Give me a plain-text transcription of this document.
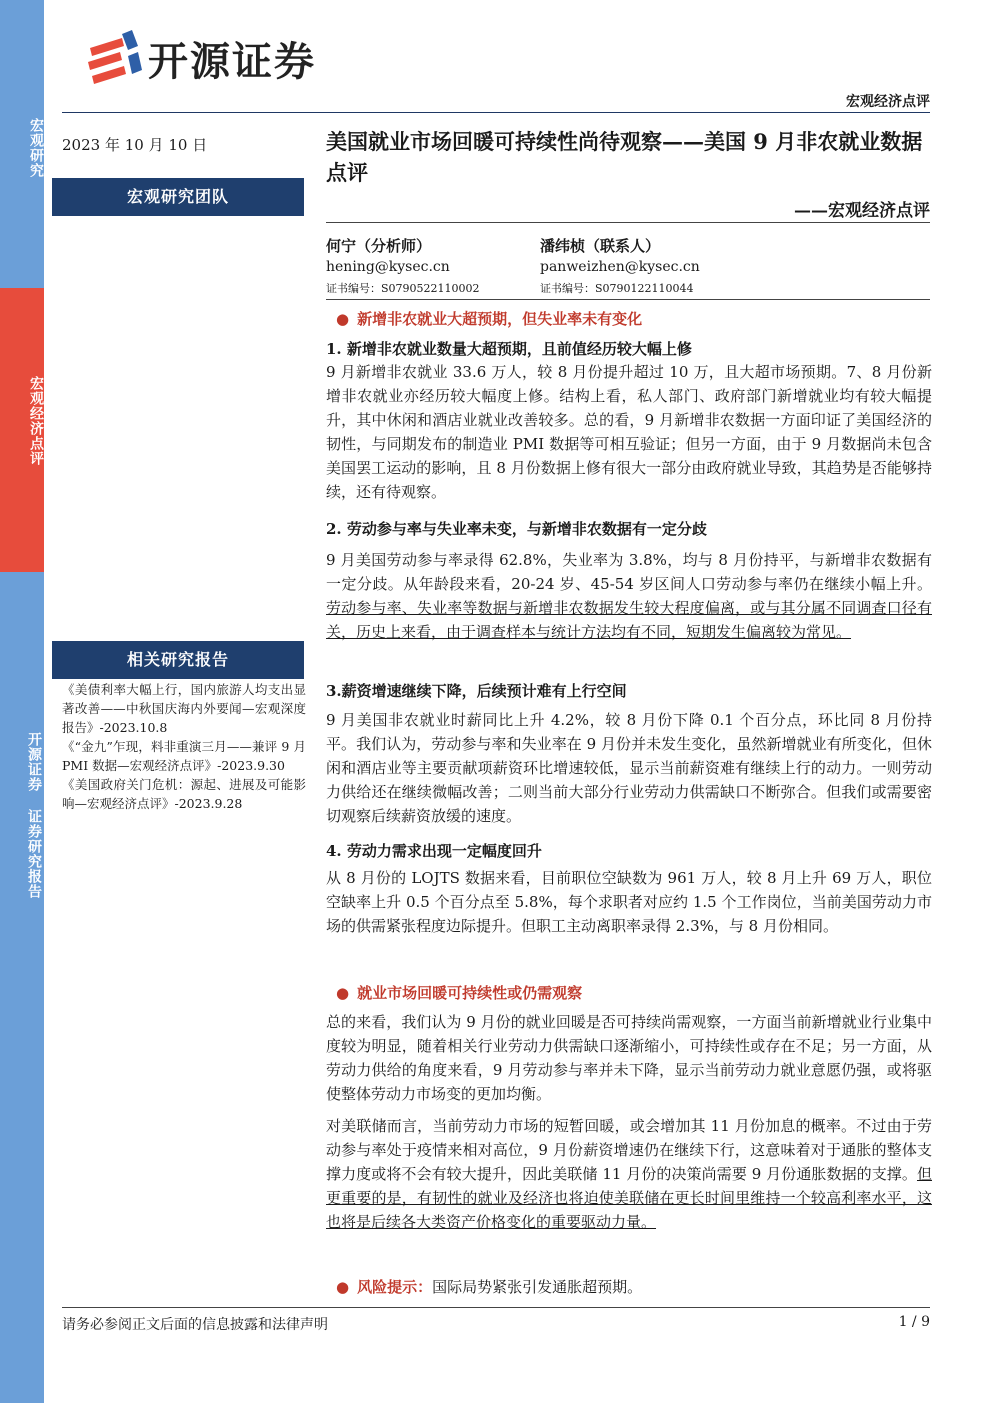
宏观研究
宏观经济点评
开源证券 证券研究报告
开源证券
宏观经济点评
2023 年 10 月 10 日
宏观研究团队
相关研究报告

《美债利率大幅上行，国内旅游人均支出显著改善——中秋国庆海内外要闻—宏观深度报告》-2023.10.8

《“金九”乍现，料非重演三月——兼评 9 月 PMI 数据—宏观经济点评》-2023.9.30

《美国政府关门危机：源起、进展及可能影响—宏观经济点评》-2023.9.28

美国就业市场回暖可持续性尚待观察——美国 9 月非农就业数据点评
——宏观经济点评
何宁（分析师）
hening@kysec.cn
证书编号：S0790522110002
潘纬桢（联系人）
panweizhen@kysec.cn
证书编号：S0790122110044
● 新增非农就业大超预期，但失业率未有变化
1. 新增非农就业数量大超预期，且前值经历较大幅上修

9 月新增非农就业 33.6 万人，较 8 月份提升超过 10 万，且大超市场预期。7、8 月份新增非农就业亦经历较大幅度上修。结构上看，私人部门、政府部门新增就业均有较大幅提升，其中休闲和酒店业就业改善较多。总的看，9 月新增非农数据一方面印证了美国经济的韧性，与同期发布的制造业 PMI 数据等可相互验证；但另一方面，由于 9 月数据尚未包含美国罢工运动的影响，且 8 月份数据上修有很大一部分由政府就业导致，其趋势是否能够持续，还有待观察。

2. 劳动参与率与失业率未变，与新增非农数据有一定分歧

9 月美国劳动参与率录得 62.8%，失业率为 3.8%，均与 8 月份持平，与新增非农数据有一定分歧。从年龄段来看，20-24 岁、45-54 岁区间人口劳动参与率仍在继续小幅上升。劳动参与率、失业率等数据与新增非农数据发生较大程度偏离，或与其分属不同调查口径有关，历史上来看，由于调查样本与统计方法均有不同，短期发生偏离较为常见。

3.薪资增速继续下降，后续预计难有上行空间

9 月美国非农就业时薪同比上升 4.2%，较 8 月份下降 0.1 个百分点，环比同 8 月份持平。我们认为，劳动参与率和失业率在 9 月份并未发生变化，虽然新增就业有所变化，但休闲和酒店业等主要贡献项薪资环比增速较低，显示当前薪资难有继续上行的动力。一则劳动力供给还在继续微幅改善；二则当前大部分行业劳动力供需缺口不断弥合。但我们或需要密切观察后续薪资放缓的速度。

4. 劳动力需求出现一定幅度回升

从 8 月份的 LOJTS 数据来看，目前职位空缺数为 961 万人，较 8 月上升 69 万人，职位空缺率上升 0.5 个百分点至 5.8%，每个求职者对应约 1.5 个工作岗位，当前美国劳动力市场的供需紧张程度边际提升。但职工主动离职率录得 2.3%，与 8 月份相同。

● 就业市场回暖可持续性或仍需观察

总的来看，我们认为 9 月份的就业回暖是否可持续尚需观察，一方面当前新增就业行业集中度较为明显，随着相关行业劳动力供需缺口逐渐缩小，可持续性或存在不足；另一方面，从劳动力供给的角度来看，9 月劳动参与率并未下降，显示当前劳动力就业意愿仍强，或将驱使整体劳动力市场变的更加均衡。

对美联储而言，当前劳动力市场的短暂回暖，或会增加其 11 月份加息的概率。不过由于劳动参与率处于疫情来相对高位，9 月份薪资增速仍在继续下行，这意味着对于通胀的整体支撑力度或将不会有较大提升，因此美联储 11 月份的决策尚需要 9 月份通胀数据的支撑。但更重要的是，有韧性的就业及经济也将迫使美联储在更长时间里维持一个较高利率水平，这也将是后续各大类资产价格变化的重要驱动力量。

● 风险提示：国际局势紧张引发通胀超预期。
请务必参阅正文后面的信息披露和法律声明	1 / 9
